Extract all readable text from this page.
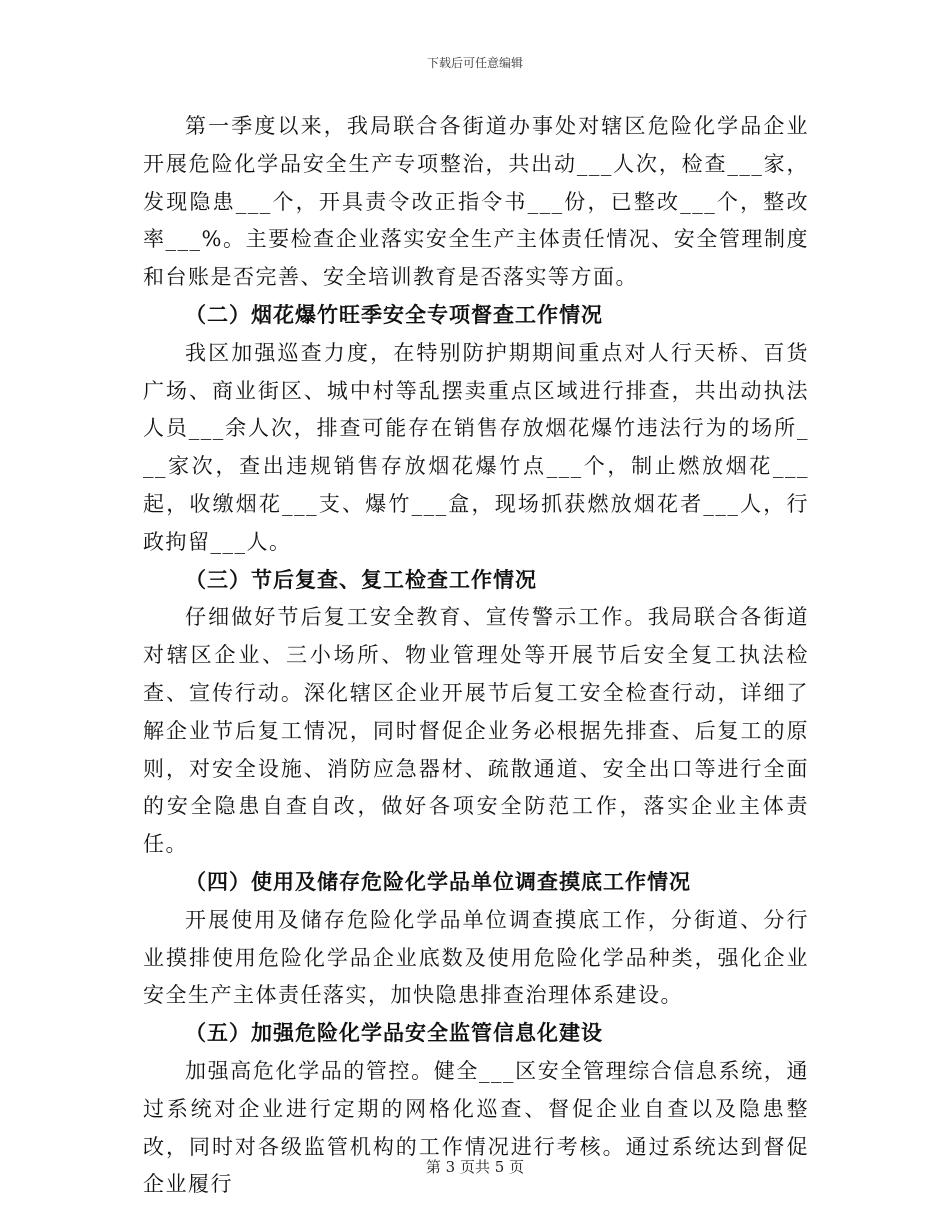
下载后可任意编辑

第一季度以来，我局联合各街道办事处对辖区危险化学品企业开展危险化学品安全生产专项整治，共出动___人次，检查___家，发现隐患___个，开具责令改正指令书___份，已整改___个，整改率___%。主要检查企业落实安全生产主体责任情况、安全管理制度和台账是否完善、安全培训教育是否落实等方面。

（二）烟花爆竹旺季安全专项督查工作情况

我区加强巡查力度，在特别防护期期间重点对人行天桥、百货广场、商业街区、城中村等乱摆卖重点区域进行排查，共出动执法人员___余人次，排查可能存在销售存放烟花爆竹违法行为的场所___家次，查出违规销售存放烟花爆竹点___个，制止燃放烟花___起，收缴烟花___支、爆竹___盒，现场抓获燃放烟花者___人，行政拘留___人。

（三）节后复查、复工检查工作情况

仔细做好节后复工安全教育、宣传警示工作。我局联合各街道对辖区企业、三小场所、物业管理处等开展节后安全复工执法检查、宣传行动。深化辖区企业开展节后复工安全检查行动，详细了解企业节后复工情况，同时督促企业务必根据先排查、后复工的原则，对安全设施、消防应急器材、疏散通道、安全出口等进行全面的安全隐患自查自改，做好各项安全防范工作，落实企业主体责任。

（四）使用及储存危险化学品单位调查摸底工作情况

开展使用及储存危险化学品单位调查摸底工作，分街道、分行业摸排使用危险化学品企业底数及使用危险化学品种类，强化企业安全生产主体责任落实，加快隐患排查治理体系建设。

（五）加强危险化学品安全监管信息化建设

加强高危化学品的管控。健全___区安全管理综合信息系统，通过系统对企业进行定期的网格化巡查、督促企业自查以及隐患整改，同时对各级监管机构的工作情况进行考核。通过系统达到督促企业履行

第 3 页共 5 页
